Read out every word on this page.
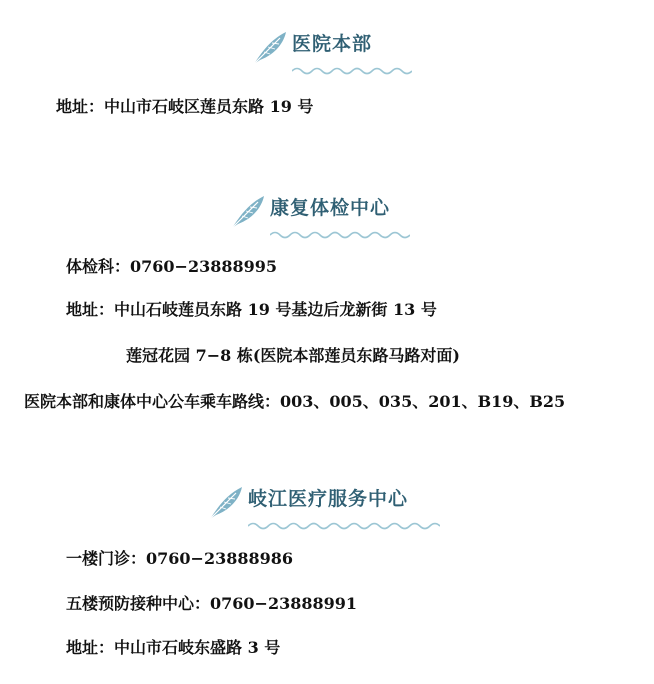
医院本部
地址：中山市石岐区莲员东路 19 号
康复体检中心
体检科：0760−23888995
地址：中山石岐莲员东路 19 号基边后龙新街 13 号
莲冠花园 7−8 栋(医院本部莲员东路马路对面)
医院本部和康体中心公车乘车路线：003、005、035、201、B19、B25
岐江医疗服务中心
一楼门诊：0760−23888986
五楼预防接种中心：0760−23888991
地址：中山市石岐东盛路 3 号
